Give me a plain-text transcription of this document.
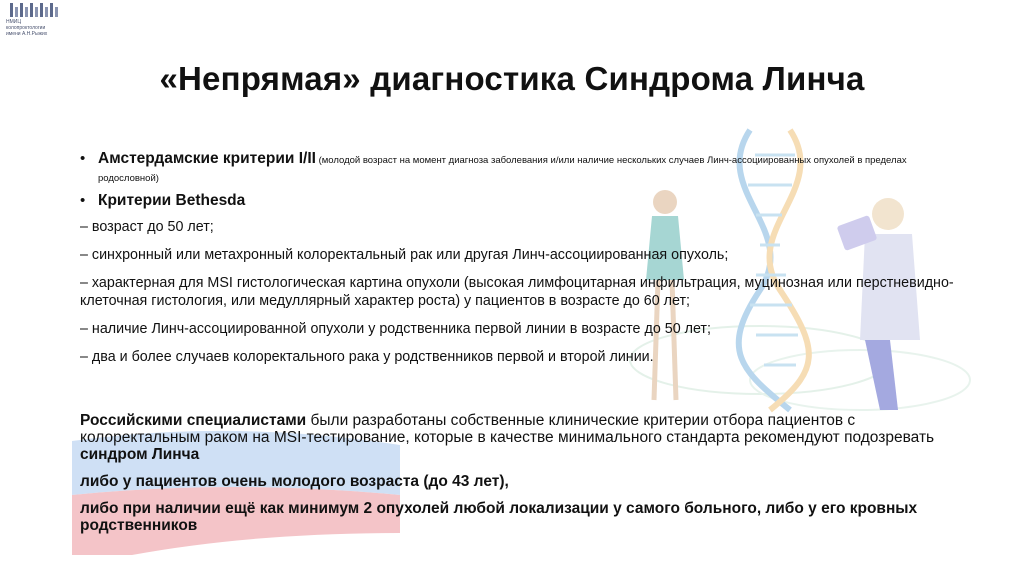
НМИЦ
колопроктологии
имени А.Н.Рыжих
«Непрямая» диагностика Синдрома Линча
• Амстердамские критерии I/II (молодой возраст на момент диагноза заболевания и/или наличие нескольких случаев Линч-ассоциированных опухолей в пределах родословной)
• Критерии Bethesda
– возраст до 50 лет;
– синхронный или метахронный колоректальный рак или другая Линч-ассоциированная опухоль;
– характерная для MSI гистологическая картина опухоли (высокая лимфоцитарная инфильтрация, муцинозная или перстневидно-клеточная гистология, или медуллярный характер роста) у пациентов в возрасте до 60 лет;
– наличие Линч-ассоциированной опухоли у родственника первой линии в возрасте до 50 лет;
– два и более случаев колоректального рака у родственников первой и второй линии.

Российскими специалистами были разработаны собственные клинические критерии отбора пациентов с колоректальным раком на MSI-тестирование, которые в качестве минимального стандарта рекомендуют подозревать синдром Линча

либо у пациентов очень молодого возраста (до 43 лет),

либо при наличии ещё как минимум 2 опухолей любой локализации у самого больного, либо у его кровных родственников
